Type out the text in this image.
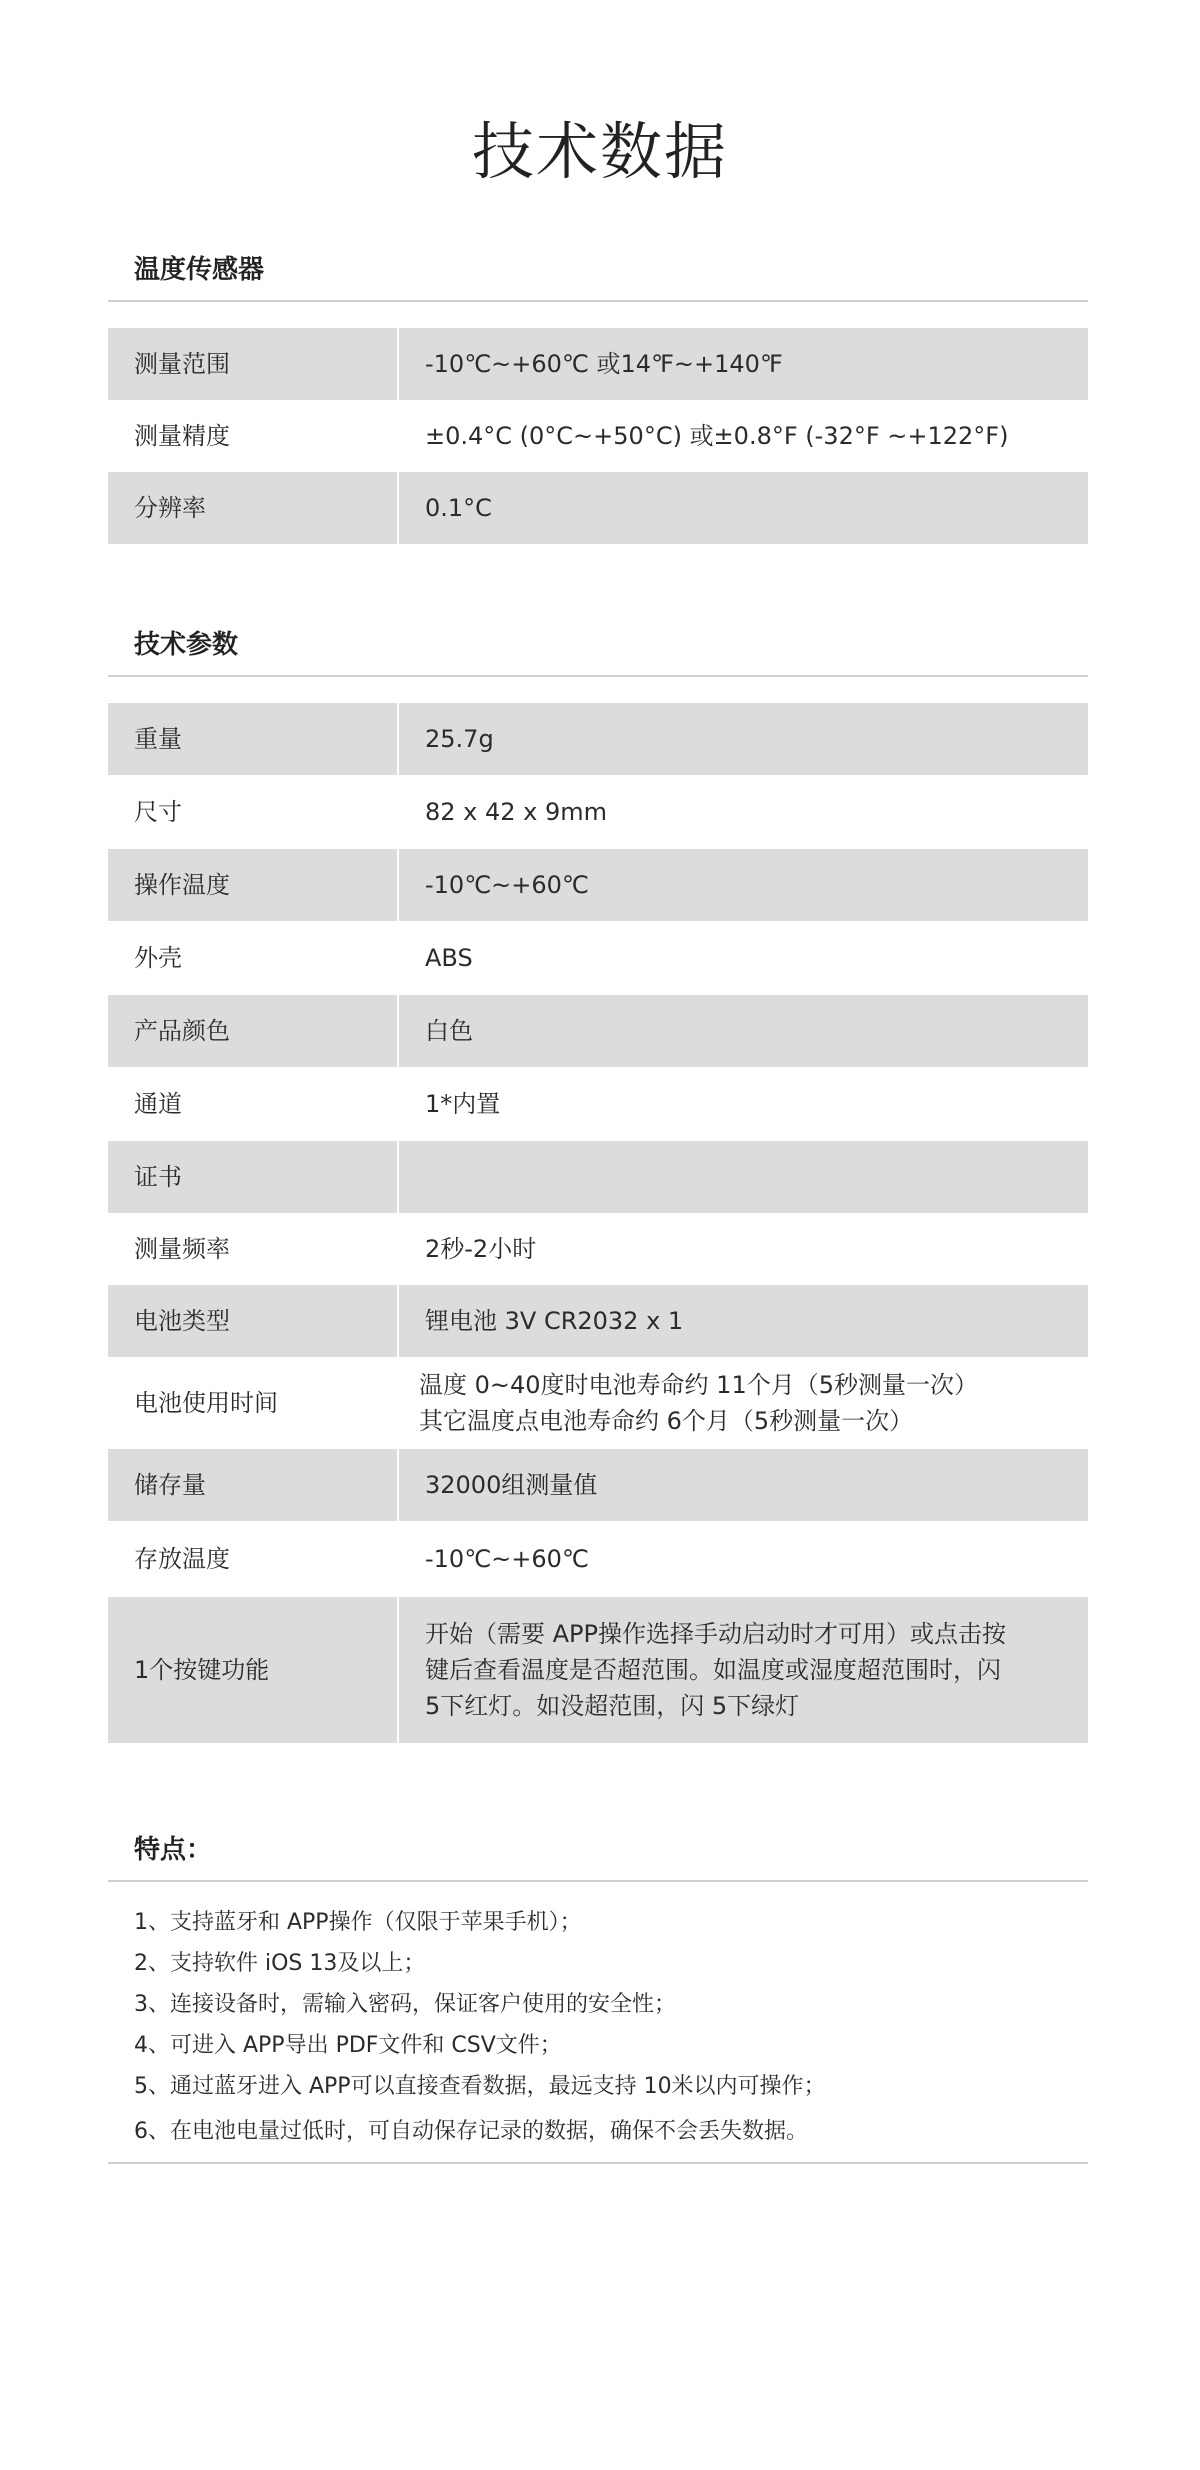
技术数据
温度传感器
测量范围	-10℃~+60℃ 或14℉~+140℉
测量精度	±0.4°C (0°C~+50°C) 或±0.8°F (-32°F ~+122°F)
分辨率	0.1°C
技术参数
重量	25.7g
尺寸	82 x 42 x 9mm
操作温度	-10℃~+60℃
外壳	ABS
产品颜色	白色
通道	1*内置
证书	
测量频率	2秒-2小时
电池类型	锂电池 3V CR2032 x 1
电池使用时间	温度 0~40度时电池寿命约 11个月（5秒测量一次）
其它温度点电池寿命约 6个月（5秒测量一次）

储存量	32000组测量值
存放温度	-10℃~+60℃
1个按键功能	开始（需要 APP操作选择手动启动时才可用）或点击按
键后查看温度是否超范围。如温度或湿度超范围时，闪
5下红灯。如没超范围，闪 5下绿灯
特点：
1、支持蓝牙和 APP操作（仅限于苹果手机）；
2、支持软件 iOS 13及以上；
3、连接设备时，需输入密码，保证客户使用的安全性；
4、可进入 APP导出 PDF文件和 CSV文件；
5、通过蓝牙进入 APP可以直接查看数据，最远支持 10米以内可操作；
6、在电池电量过低时，可自动保存记录的数据，确保不会丢失数据。
